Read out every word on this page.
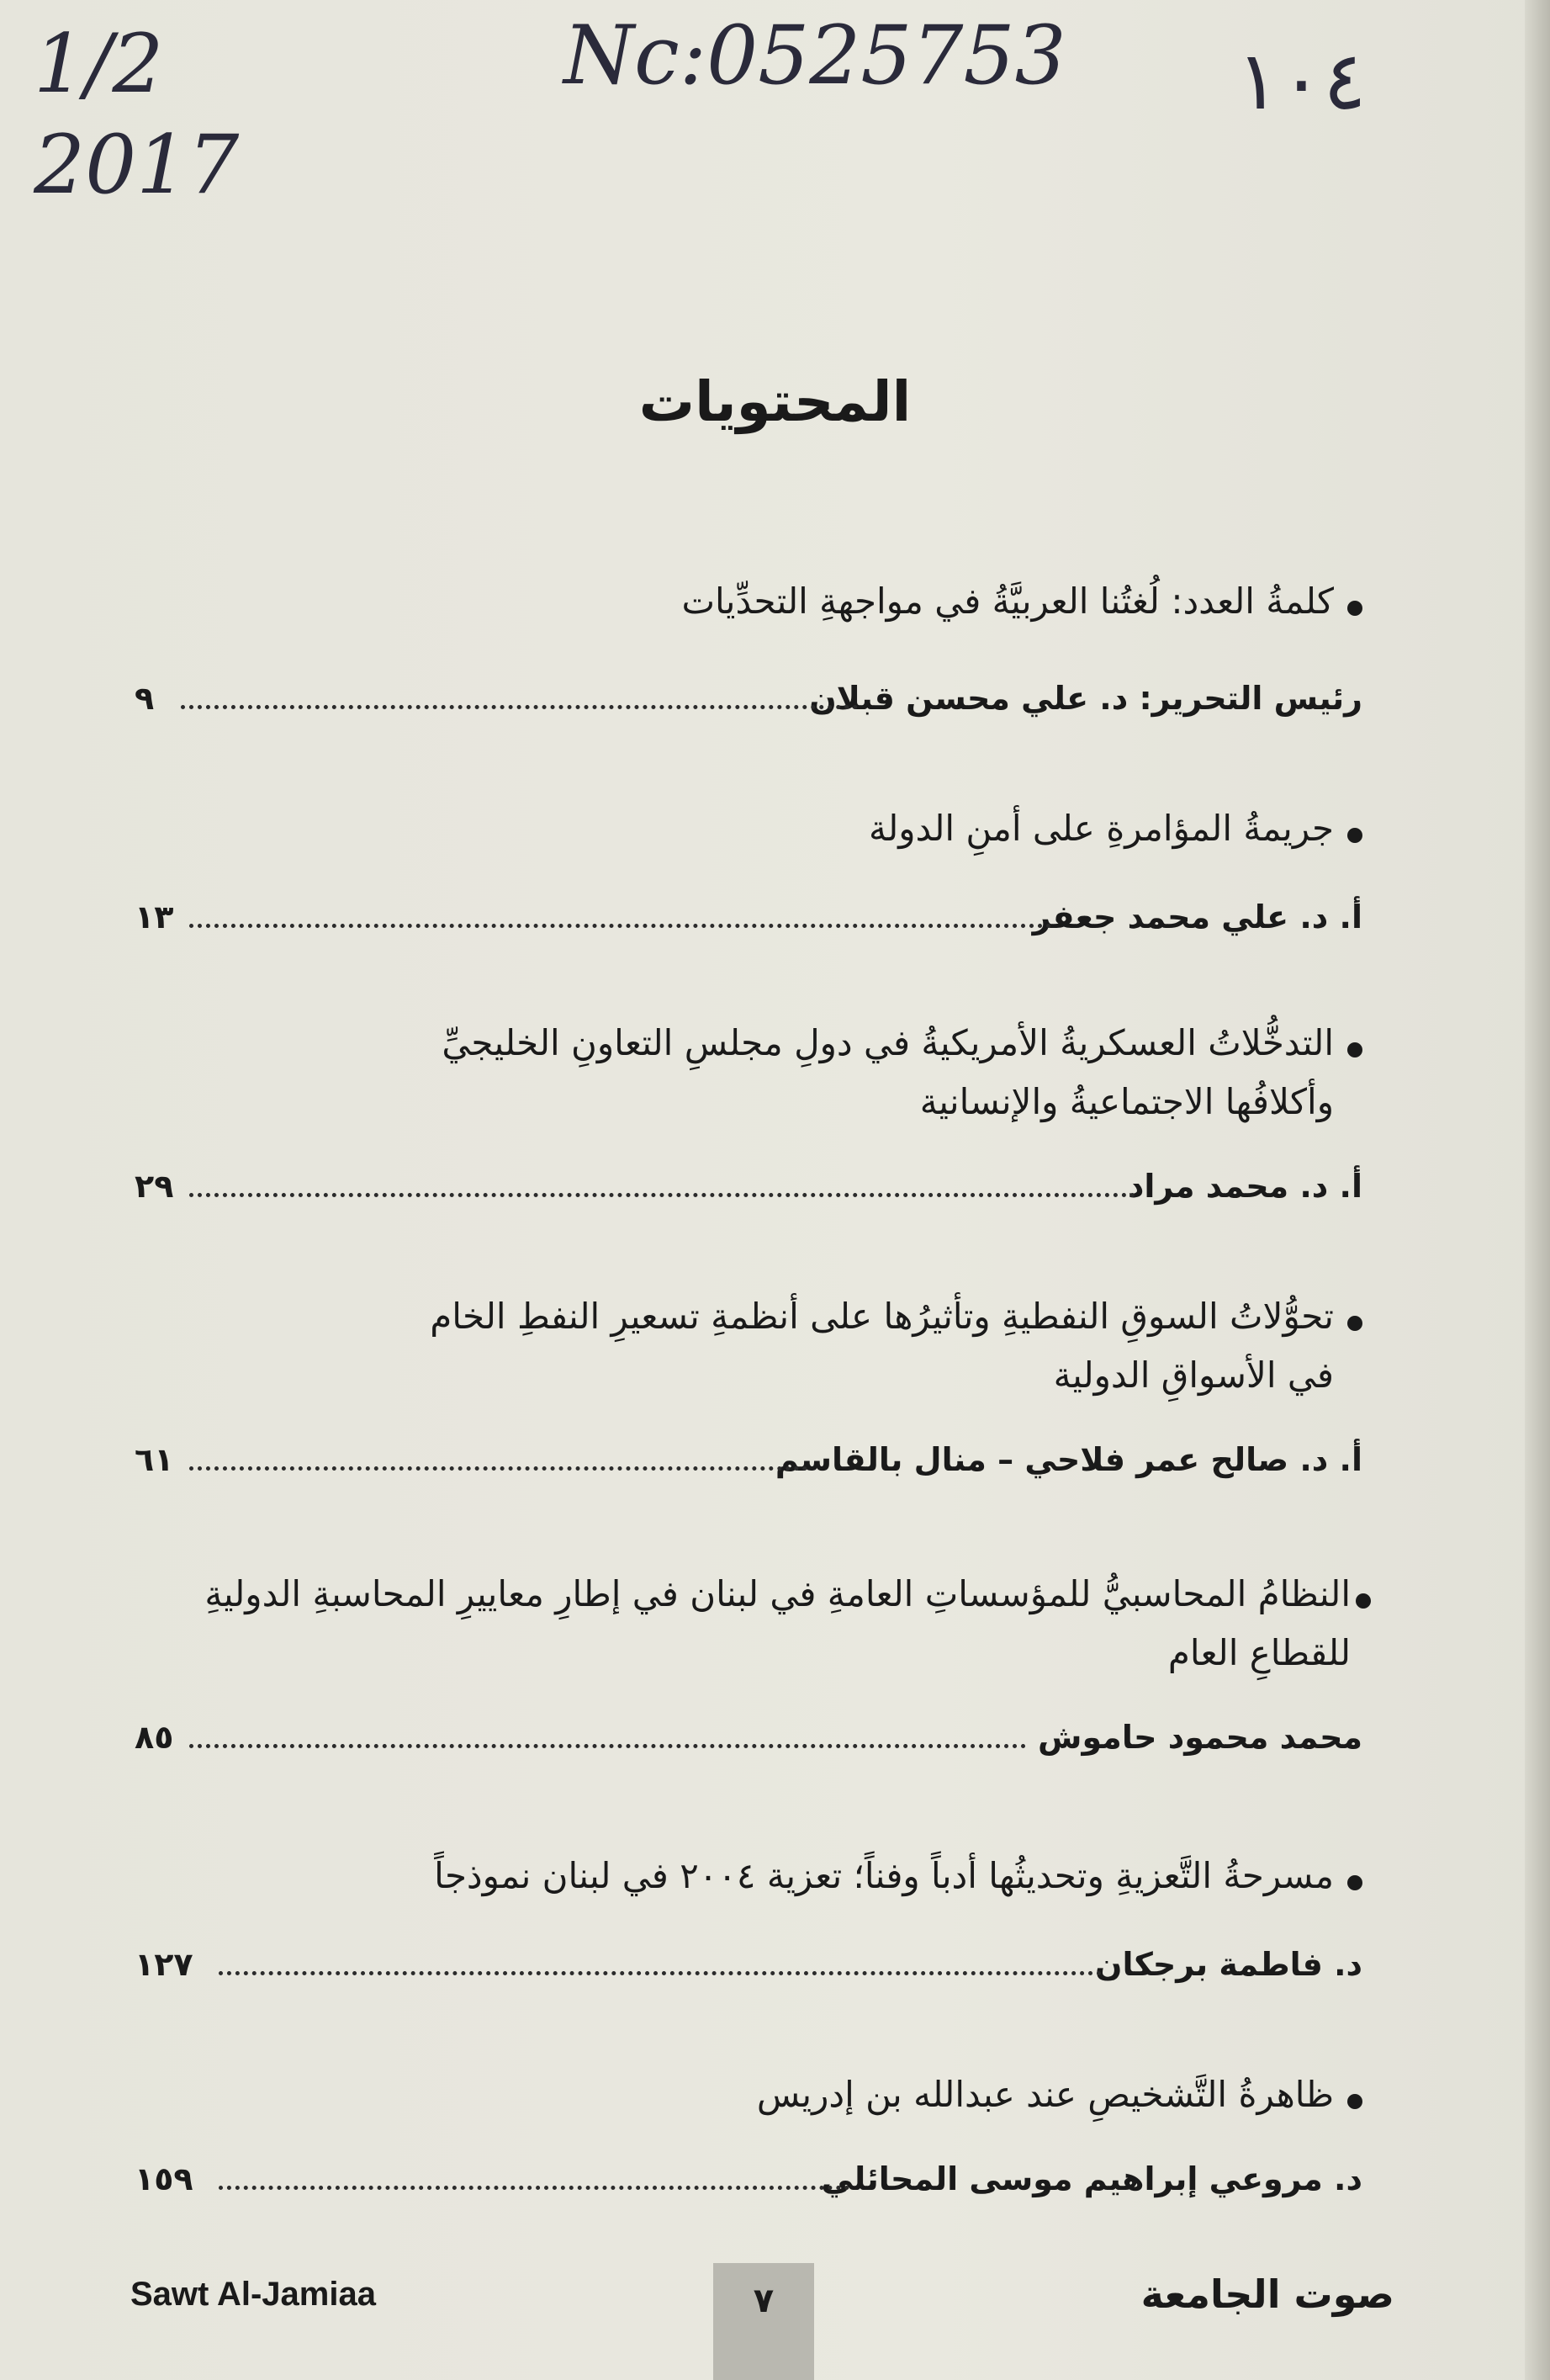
1/2
2017
Nc:0525753 ١٠٤
المحتويات
كلمةُ العدد: لُغتُنا العربيَّةُ في مواجهةِ التحدِّيات
رئيس التحرير: د. علي محسن قبلان
٩
جريمةُ المؤامرةِ على أمنِ الدولة
أ. د. علي محمد جعفر
١٣
التدخُّلاتُ العسكريةُ الأمريكيةُ في دولِ مجلسِ التعاونِ الخليجيِّ
وأكلافُها الاجتماعيةُ والإنسانية
أ. د. محمد مراد
٢٩
تحوُّلاتُ السوقِ النفطيةِ وتأثيرُها على أنظمةِ تسعيرِ النفطِ الخام
في الأسواقِ الدولية
أ. د. صالح عمر فلاحي – منال بالقاسم
٦١
النظامُ المحاسبيُّ للمؤسساتِ العامةِ في لبنان في إطارِ معاييرِ المحاسبةِ الدوليةِ
للقطاعِ العام
محمد محمود حاموش
٨٥
مسرحةُ التَّعزيةِ وتحديثُها أدباً وفناً؛ تعزية ٢٠٠٤ في لبنان نموذجاً
د. فاطمة برجكان
١٢٧
ظاهرةُ التَّشخيصِ عند عبدالله بن إدريس
د. مروعي إبراهيم موسى المحائلي
١٥٩
Sawt Al-Jamiaa	٧	صوت الجامعة
